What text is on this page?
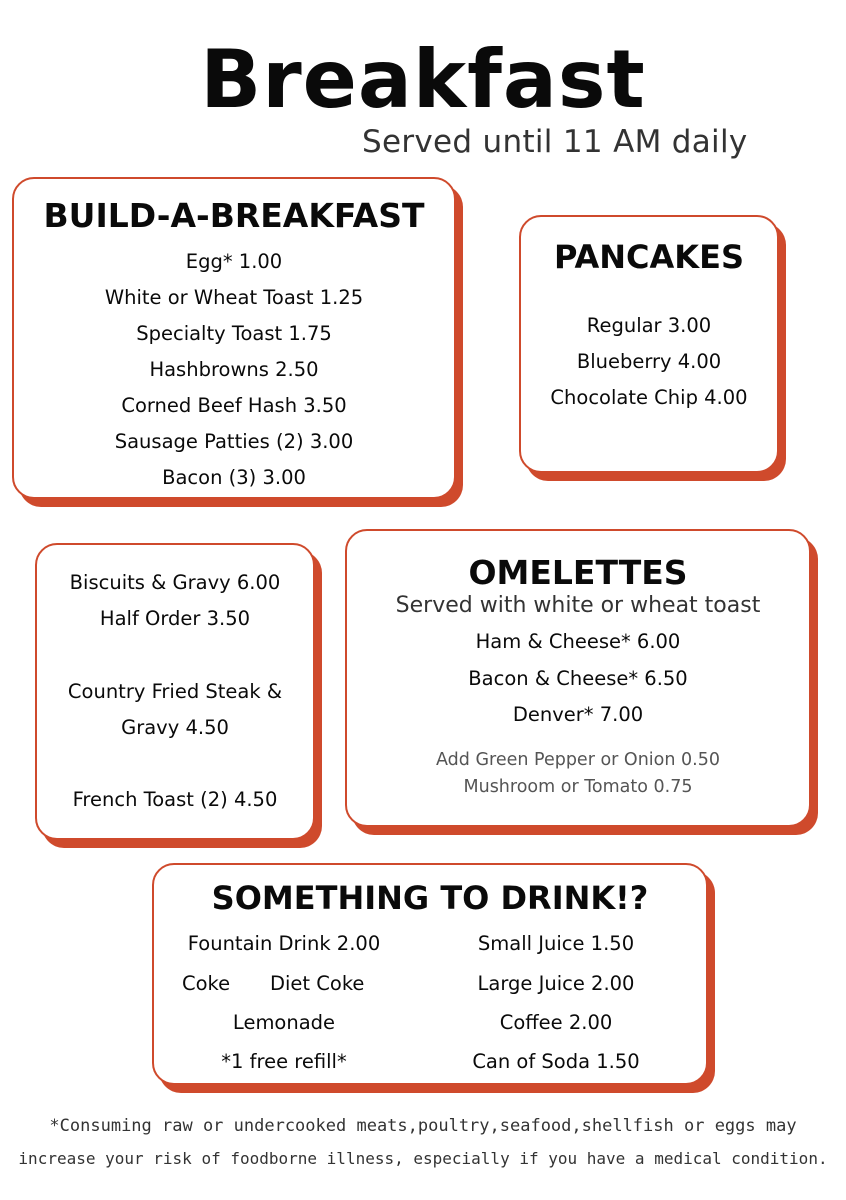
Breakfast

Served until 11 AM daily

BUILD-A-BREAKFAST

Egg* 1.00

White or Wheat Toast 1.25

Specialty Toast 1.75

Hashbrowns 2.50

Corned Beef Hash 3.50

Sausage Patties (2) 3.00

Bacon (3) 3.00

PANCAKES

Regular 3.00

Blueberry 4.00

Chocolate Chip 4.00

Biscuits & Gravy 6.00

Half Order 3.50

Country Fried Steak &

Gravy 4.50

French Toast (2) 4.50

OMELETTES

Served with white or wheat toast

Ham & Cheese* 6.00

Bacon & Cheese* 6.50

Denver* 7.00

Add Green Pepper or Onion 0.50

Mushroom or Tomato 0.75

SOMETHING TO DRINK!?

Fountain Drink 2.00

Coke Diet Coke

Lemonade

*1 free refill*

Small Juice 1.50

Large Juice 2.00

Coffee 2.00

Can of Soda 1.50

*Consuming raw or undercooked meats,poultry,seafood,shellfish or eggs may

increase your risk of foodborne illness, especially if you have a medical condition.
